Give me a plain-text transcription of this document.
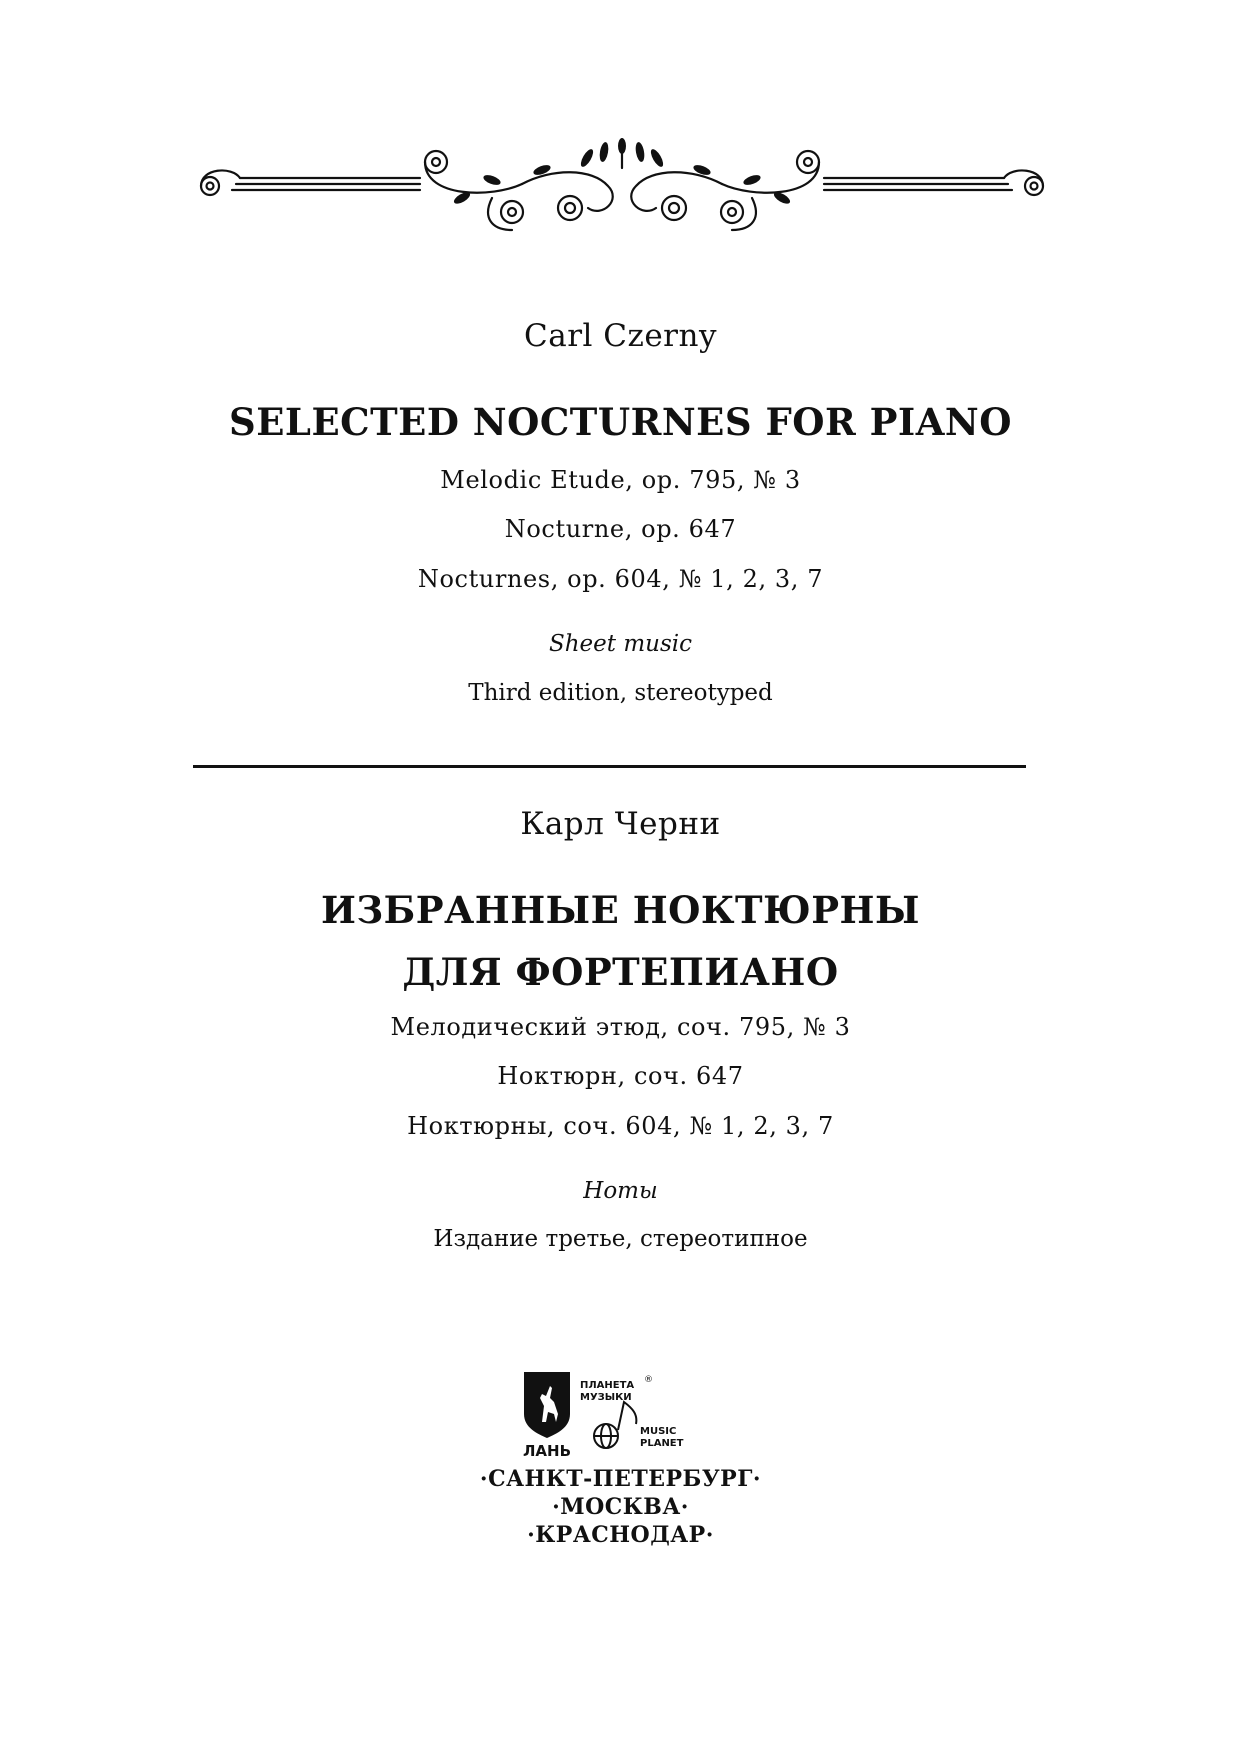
Carl Czerny
SELECTED NOCTURNES FOR PIANO
Melodic Etude, op. 795, № 3
Nocturne, op. 647
Nocturnes, op. 604, № 1, 2, 3, 7
Sheet music
Third edition, stereotyped
Карл Черни
ИЗБРАННЫЕ НОКТЮРНЫ
ДЛЯ ФОРТЕПИАНО
Мелодический этюд, соч. 795, № 3
Ноктюрн, соч. 647
Ноктюрны, соч. 604, № 1, 2, 3, 7
Ноты
Издание третье, стереотипное
ЛАНЬ
ПЛАНЕТА
МУЗЫКИ
®
MUSIC
PLANET
·САНКТ-ПЕТЕРБУРГ·
·МОСКВА·
·КРАСНОДАР·
